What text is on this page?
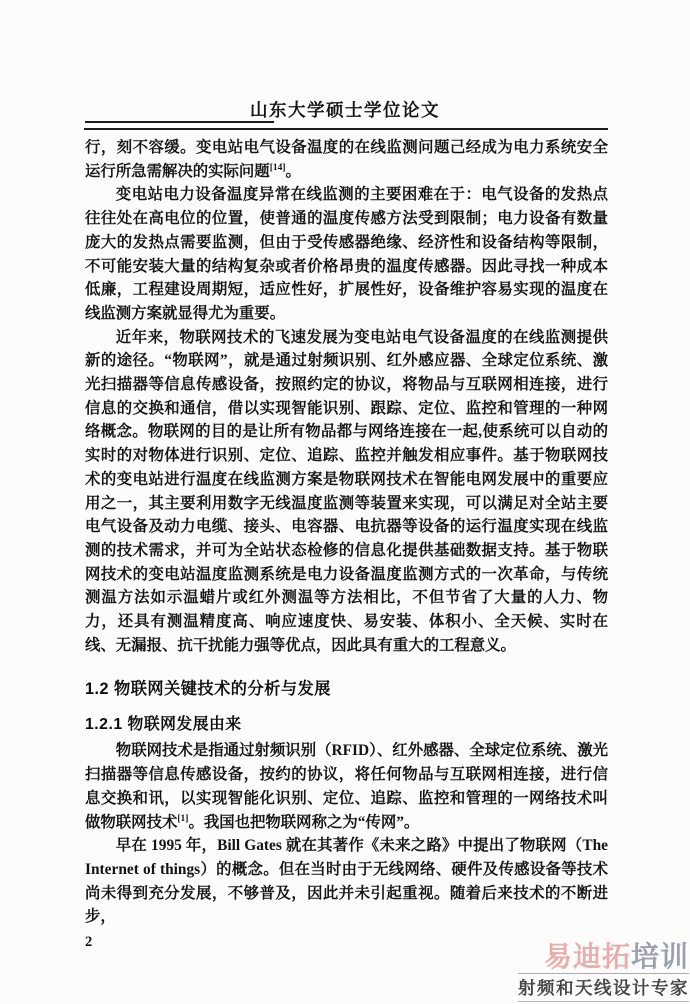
山东大学硕士学位论文

行，刻不容缓。变电站电气设备温度的在线监测问题己经成为电力系统安全运行所急需解决的实际问题[14]。

变电站电力设备温度异常在线监测的主要困难在于：电气设备的发热点往往处在高电位的位置，使普通的温度传感方法受到限制；电力设备有数量庞大的发热点需要监测，但由于受传感器绝缘、经济性和设备结构等限制，不可能安装大量的结构复杂或者价格昂贵的温度传感器。因此寻找一种成本低廉，工程建设周期短，适应性好，扩展性好，设备维护容易实现的温度在线监测方案就显得尤为重要。

近年来，物联网技术的飞速发展为变电站电气设备温度的在线监测提供新的途径。“物联网”，就是通过射频识别、红外感应器、全球定位系统、激光扫描器等信息传感设备，按照约定的协议，将物品与互联网相连接，进行信息的交换和通信，借以实现智能识别、跟踪、定位、监控和管理的一种网络概念。物联网的目的是让所有物品都与网络连接在一起,使系统可以自动的实时的对物体进行识别、定位、追踪、监控并触发相应事件。基于物联网技术的变电站进行温度在线监测方案是物联网技术在智能电网发展中的重要应用之一，其主要利用数字无线温度监测等装置来实现，可以满足对全站主要电气设备及动力电缆、接头、电容器、电抗器等设备的运行温度实现在线监测的技术需求，并可为全站状态检修的信息化提供基础数据支持。基于物联网技术的变电站温度监测系统是电力设备温度监测方式的一次革命，与传统测温方法如示温蜡片或红外测温等方法相比，不但节省了大量的人力、物力，还具有测温精度高、响应速度快、易安装、体积小、全天候、实时在线、无漏报、抗干扰能力强等优点，因此具有重大的工程意义。

1.2 物联网关键技术的分析与发展
1.2.1 物联网发展由来

物联网技术是指通过射频识别（RFID）、红外感器、全球定位系统、激光扫描器等信息传感设备，按约的协议，将任何物品与互联网相连接，进行信息交换和讯，以实现智能化识别、定位、追踪、监控和管理的一网络技术叫做物联网技术[1]。我国也把物联网称之为“传网”。

早在 1995 年，Bill Gates 就在其著作《未来之路》中提出了物联网（The Internet of things）的概念。但在当时由于无线网络、硬件及传感设备等技术尚未得到充分发展，不够普及，因此并未引起重视。随着后来技术的不断进步，

2	易迪拓培训
射频和天线设计专家
